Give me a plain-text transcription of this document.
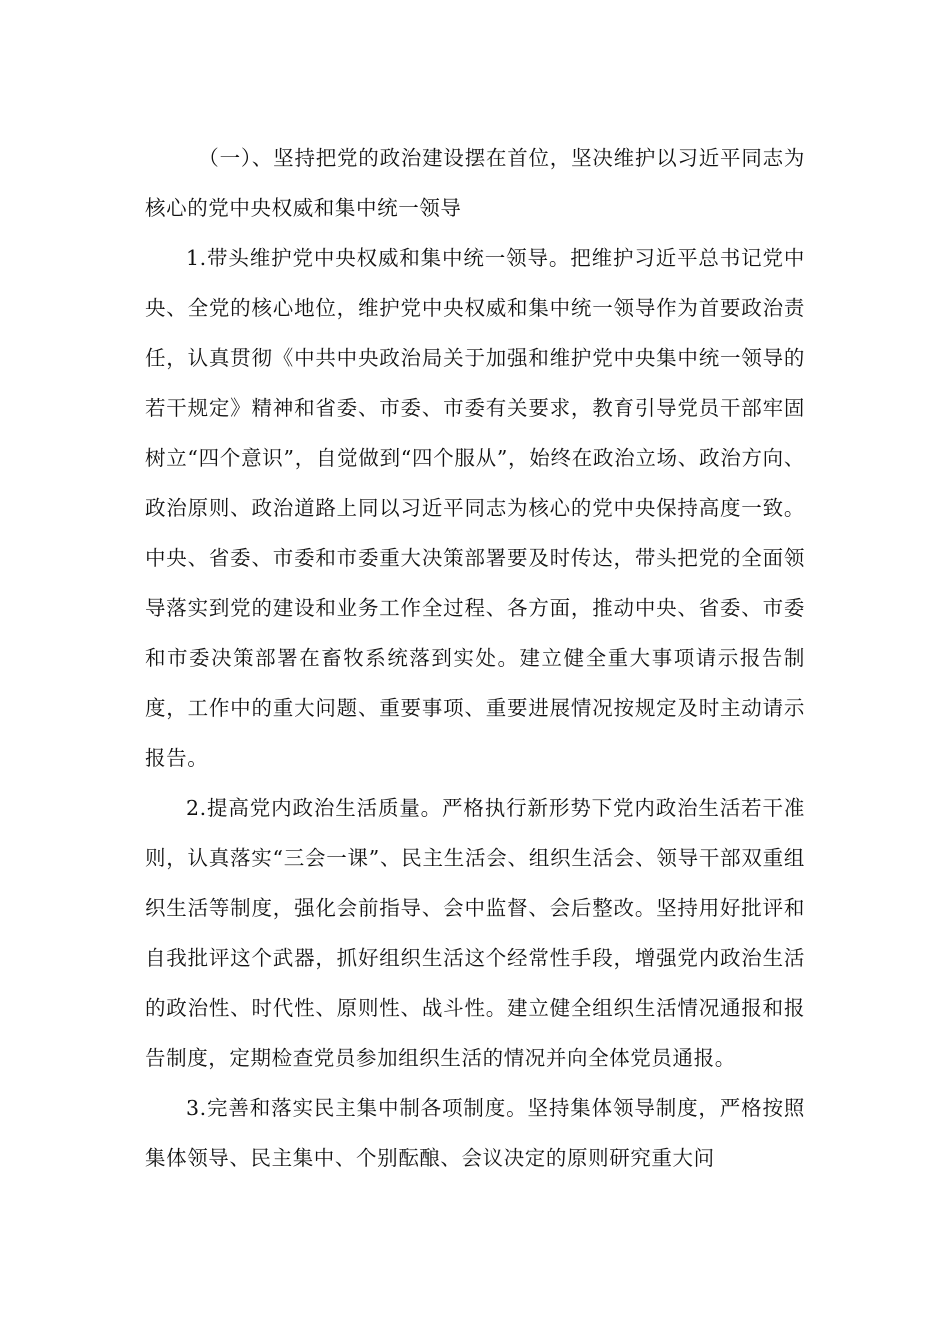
（一）、坚持把党的政治建设摆在首位，坚决维护以习近平同志为核心的党中央权威和集中统一领导

1.带头维护党中央权威和集中统一领导。把维护习近平总书记党中央、全党的核心地位，维护党中央权威和集中统一领导作为首要政治责任，认真贯彻《中共中央政治局关于加强和维护党中央集中统一领导的若干规定》精神和省委、市委、市委有关要求，教育引导党员干部牢固树立“四个意识”，自觉做到“四个服从”，始终在政治立场、政治方向、政治原则、政治道路上同以习近平同志为核心的党中央保持高度一致。中央、省委、市委和市委重大决策部署要及时传达，带头把党的全面领导落实到党的建设和业务工作全过程、各方面，推动中央、省委、市委和市委决策部署在畜牧系统落到实处。建立健全重大事项请示报告制度，工作中的重大问题、重要事项、重要进展情况按规定及时主动请示报告。

2.提高党内政治生活质量。严格执行新形势下党内政治生活若干准则，认真落实“三会一课”、民主生活会、组织生活会、领导干部双重组织生活等制度，强化会前指导、会中监督、会后整改。坚持用好批评和自我批评这个武器，抓好组织生活这个经常性手段，增强党内政治生活的政治性、时代性、原则性、战斗性。建立健全组织生活情况通报和报告制度，定期检查党员参加组织生活的情况并向全体党员通报。

3.完善和落实民主集中制各项制度。坚持集体领导制度，严格按照集体领导、民主集中、个别酝酿、会议决定的原则研究重大问
